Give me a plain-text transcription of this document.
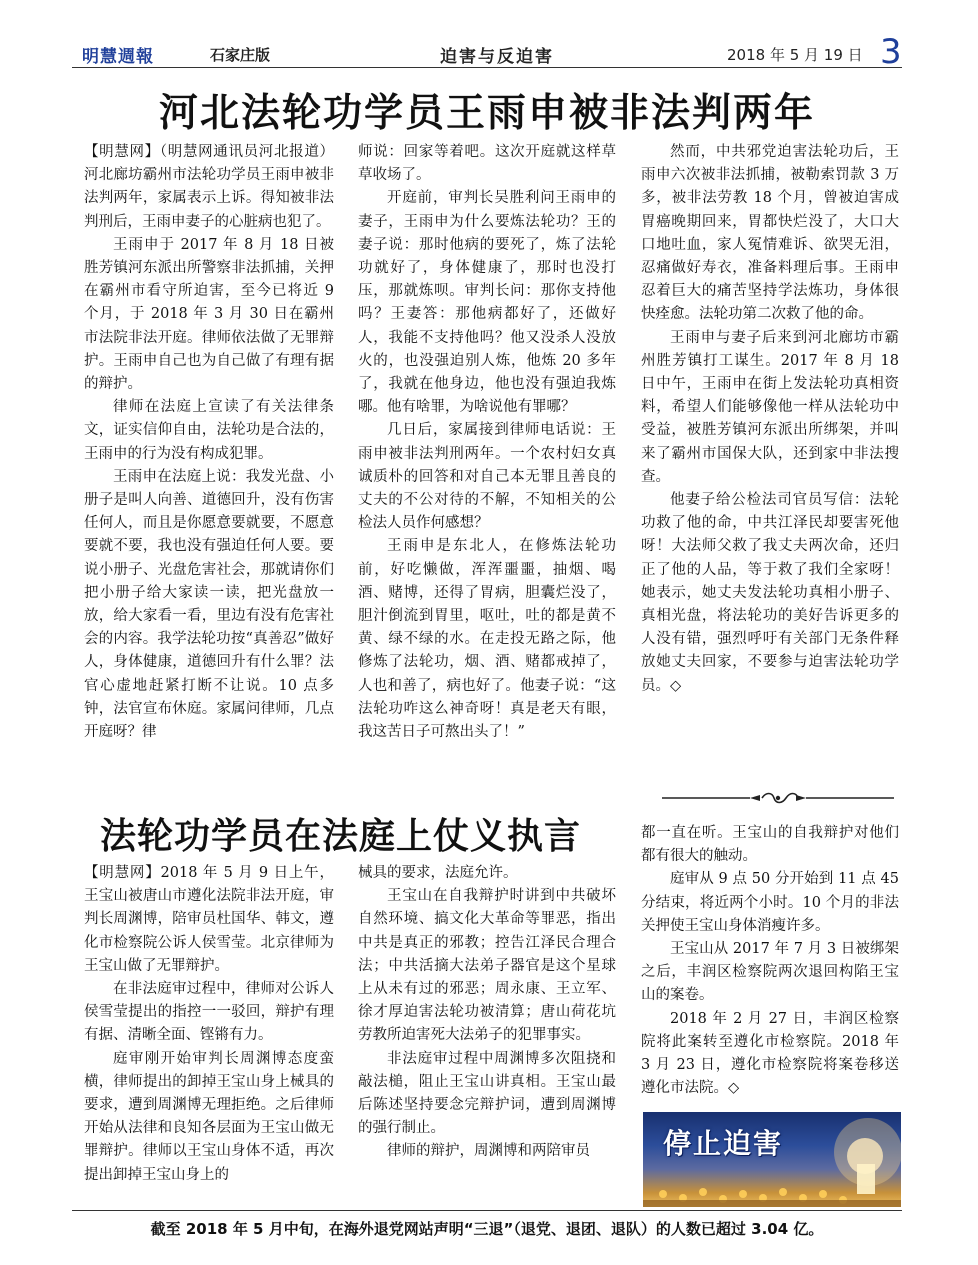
明慧週報	石家庄版	迫害与反迫害	2018 年 5 月 19 日 3
河北法轮功学员王雨申被非法判两年

【明慧网】（明慧网通讯员河北报道）河北廊坊霸州市法轮功学员王雨申被非法判两年，家属表示上诉。得知被非法判刑后，王雨申妻子的心脏病也犯了。

王雨申于 2017 年 8 月 18 日被胜芳镇河东派出所警察非法抓捕，关押在霸州市看守所迫害，至今已将近 9 个月，于 2018 年 3 月 30 日在霸州市法院非法开庭。律师依法做了无罪辩护。王雨申自己也为自己做了有理有据的辩护。

律师在法庭上宣读了有关法律条文，证实信仰自由，法轮功是合法的，王雨申的行为没有构成犯罪。

王雨申在法庭上说：我发光盘、小册子是叫人向善、道德回升，没有伤害任何人，而且是你愿意要就要，不愿意要就不要，我也没有强迫任何人要。要说小册子、光盘危害社会，那就请你们把小册子给大家读一读，把光盘放一放，给大家看一看，里边有没有危害社会的内容。我学法轮功按“真善忍”做好人，身体健康，道德回升有什么罪？法官心虚地赶紧打断不让说。10 点多钟，法官宣布休庭。家属问律师，几点开庭呀？律

师说：回家等着吧。这次开庭就这样草草收场了。

开庭前，审判长吴胜利问王雨申的妻子，王雨申为什么要炼法轮功？王的妻子说：那时他病的要死了，炼了法轮功就好了，身体健康了，那时也没打压，那就炼呗。审判长问：那你支持他吗？王妻答：那他病都好了，还做好人，我能不支持他吗？他又没杀人没放火的，也没强迫别人炼，他炼 20 多年了，我就在他身边，他也没有强迫我炼哪。他有啥罪，为啥说他有罪哪？

几日后，家属接到律师电话说：王雨申被非法判刑两年。一个农村妇女真诚质朴的回答和对自己本无罪且善良的丈夫的不公对待的不解，不知相关的公检法人员作何感想？

王雨申是东北人，在修炼法轮功前，好吃懒做，浑浑噩噩，抽烟、喝酒、赌博，还得了胃病，胆囊烂没了，胆汁倒流到胃里，呕吐，吐的都是黄不黄、绿不绿的水。在走投无路之际，他修炼了法轮功，烟、酒、赌都戒掉了，人也和善了，病也好了。他妻子说：“这法轮功咋这么神奇呀！真是老天有眼，我这苦日子可熬出头了！”

然而，中共邪党迫害法轮功后，王雨申六次被非法抓捕，被勒索罚款 3 万多，被非法劳教 18 个月，曾被迫害成胃癌晚期回来，胃都快烂没了，大口大口地吐血，家人冤情难诉、欲哭无泪，忍痛做好寿衣，准备料理后事。王雨申忍着巨大的痛苦坚持学法炼功，身体很快痊愈。法轮功第二次救了他的命。

王雨申与妻子后来到河北廊坊市霸州胜芳镇打工谋生。2017 年 8 月 18 日中午，王雨申在街上发法轮功真相资料，希望人们能够像他一样从法轮功中受益，被胜芳镇河东派出所绑架，并叫来了霸州市国保大队，还到家中非法搜查。

他妻子给公检法司官员写信：法轮功救了他的命，中共江泽民却要害死他呀！大法师父救了我丈夫两次命，还归正了他的人品，等于救了我们全家呀！她表示，她丈夫发法轮功真相小册子、真相光盘，将法轮功的美好告诉更多的人没有错，强烈呼吁有关部门无条件释放她丈夫回家，不要参与迫害法轮功学员。◇

法轮功学员在法庭上仗义执言

【明慧网】2018 年 5 月 9 日上午，王宝山被唐山市遵化法院非法开庭，审判长周渊博，陪审员杜国华、韩文，遵化市检察院公诉人侯雪莹。北京律师为王宝山做了无罪辩护。

在非法庭审过程中，律师对公诉人侯雪莹提出的指控一一驳回，辩护有理有据、清晰全面、铿锵有力。

庭审刚开始审判长周渊博态度蛮横，律师提出的卸掉王宝山身上械具的要求，遭到周渊博无理拒绝。之后律师开始从法律和良知各层面为王宝山做无罪辩护。律师以王宝山身体不适，再次提出卸掉王宝山身上的

械具的要求，法庭允许。

王宝山在自我辩护时讲到中共破坏自然环境、搞文化大革命等罪恶，指出中共是真正的邪教；控告江泽民合理合法；中共活摘大法弟子器官是这个星球上从未有过的邪恶；周永康、王立军、徐才厚迫害法轮功被清算；唐山荷花坑劳教所迫害死大法弟子的犯罪事实。

非法庭审过程中周渊博多次阻挠和敲法槌，阻止王宝山讲真相。王宝山最后陈述坚持要念完辩护词，遭到周渊博的强行制止。

律师的辩护，周渊博和两陪审员

都一直在听。王宝山的自我辩护对他们都有很大的触动。

庭审从 9 点 50 分开始到 11 点 45 分结束，将近两个小时。10 个月的非法关押使王宝山身体消瘦许多。

王宝山从 2017 年 7 月 3 日被绑架之后，丰润区检察院两次退回构陷王宝山的案卷。

2018 年 2 月 27 日，丰润区检察院将此案转至遵化市检察院。2018 年 3 月 23 日，遵化市检察院将案卷移送遵化市法院。◇

停止迫害
截至 2018 年 5 月中旬，在海外退党网站声明“三退”（退党、退团、退队）的人数已超过 3.04 亿。
